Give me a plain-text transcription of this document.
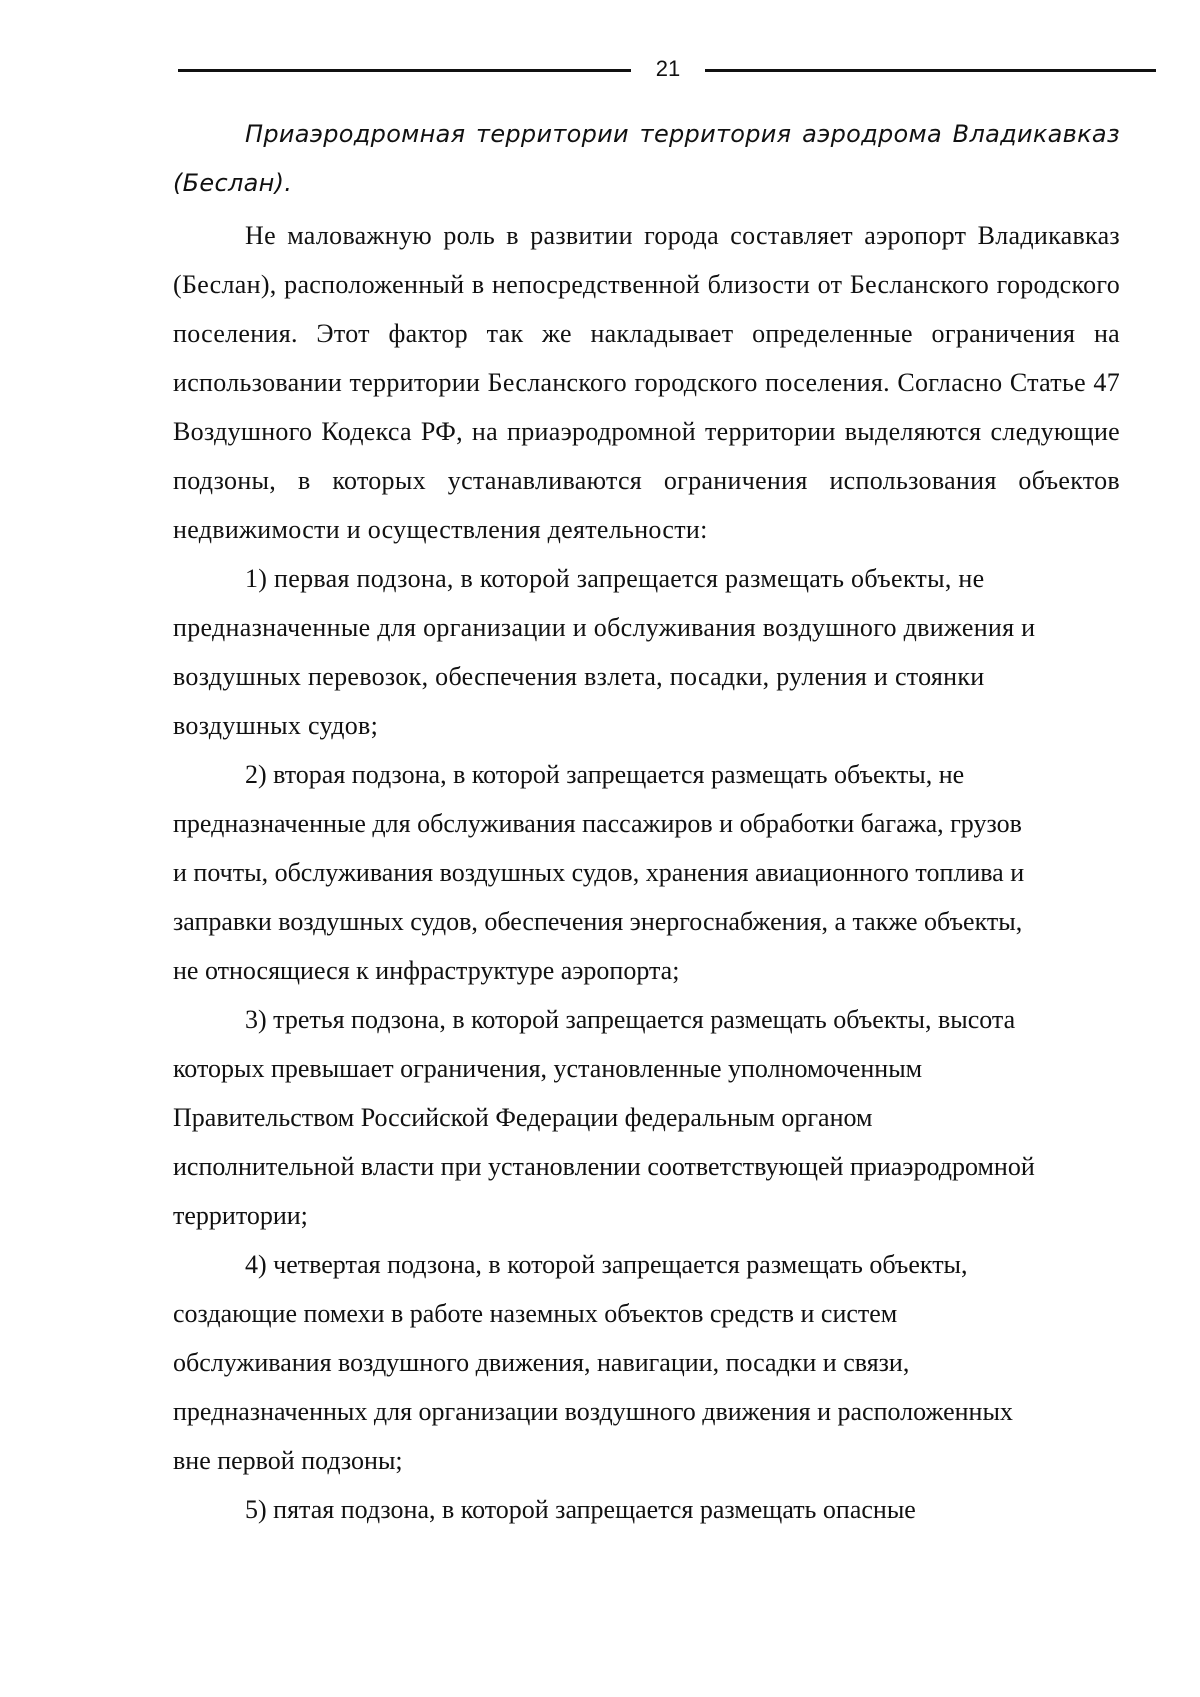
21

Приаэродромная территории территория аэродрома Владикавказ (Беслан).

Не маловажную роль в развитии города составляет аэропорт Владикавказ (Беслан), расположенный в непосредственной близости от Бесланского городского поселения. Этот фактор так же накладывает определенные ограничения на использовании территории Бесланского городского поселения. Согласно Статье 47 Воздушного Кодекса РФ, на приаэродромной территории выделяются следующие подзоны, в которых устанавливаются ограничения использования объектов недвижимости и осуществления деятельности:

1) первая подзона, в которой запрещается размещать объекты, не
предназначенные для организации и обслуживания воздушного движения и
воздушных перевозок, обеспечения взлета, посадки, руления и стоянки
воздушных судов;
2) вторая подзона, в которой запрещается размещать объекты, не
предназначенные для обслуживания пассажиров и обработки багажа, грузов
и почты, обслуживания воздушных судов, хранения авиационного топлива и
заправки воздушных судов, обеспечения энергоснабжения, а также объекты,
не относящиеся к инфраструктуре аэропорта;
3) третья подзона, в которой запрещается размещать объекты, высота
которых превышает ограничения, установленные уполномоченным
Правительством Российской Федерации федеральным органом
исполнительной власти при установлении соответствующей приаэродромной
территории;
4) четвертая подзона, в которой запрещается размещать объекты,
создающие помехи в работе наземных объектов средств и систем
обслуживания воздушного движения, навигации, посадки и связи,
предназначенных для организации воздушного движения и расположенных
вне первой подзоны;
5) пятая подзона, в которой запрещается размещать опасные
